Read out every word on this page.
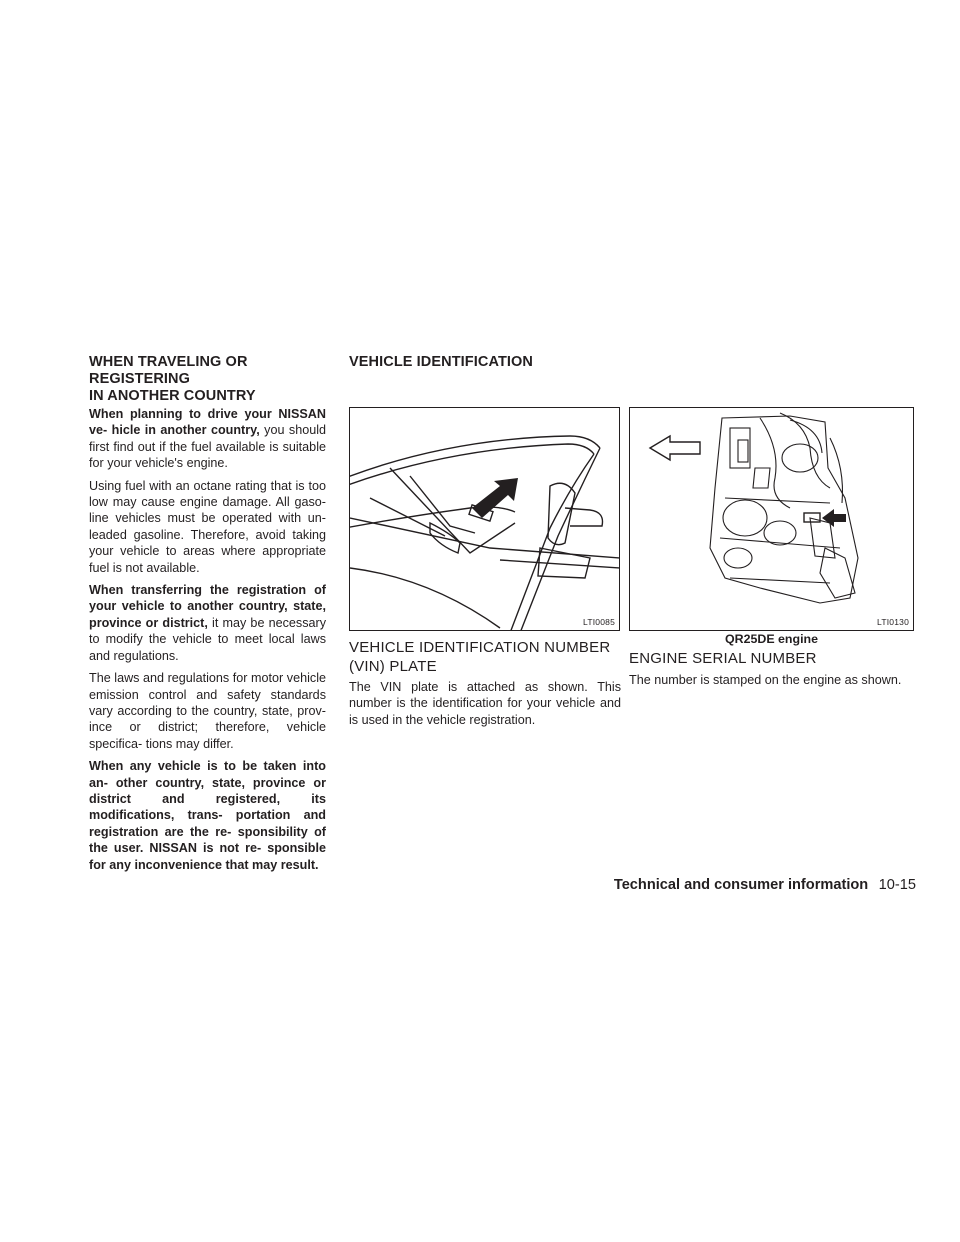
WHEN TRAVELING OR REGISTERING
IN ANOTHER COUNTRY

When planning to drive your NISSAN ve- hicle in another country, you should first find out if the fuel available is suitable for your vehicle's engine.

Using fuel with an octane rating that is too low may cause engine damage. All gaso- line vehicles must be operated with un- leaded gasoline. Therefore, avoid taking your vehicle to areas where appropriate fuel is not available.

When transferring the registration of your vehicle to another country, state, province or district, it may be necessary to modify the vehicle to meet local laws and regulations.

The laws and regulations for motor vehicle emission control and safety standards vary according to the country, state, prov- ince or district; therefore, vehicle specifica- tions may differ.

When any vehicle is to be taken into an- other country, state, province or district and registered, its modifications, trans- portation and registration are the re- sponsibility of the user. NISSAN is not re- sponsible for any inconvenience that may result.

VEHICLE IDENTIFICATION
LTI0085
VEHICLE IDENTIFICATION NUMBER
(VIN) PLATE

The VIN plate is attached as shown. This number is the identification for your vehicle and is used in the vehicle registration.

LTI0130
QR25DE engine
ENGINE SERIAL NUMBER

The number is stamped on the engine as shown.

Technical and consumer information 10-15
